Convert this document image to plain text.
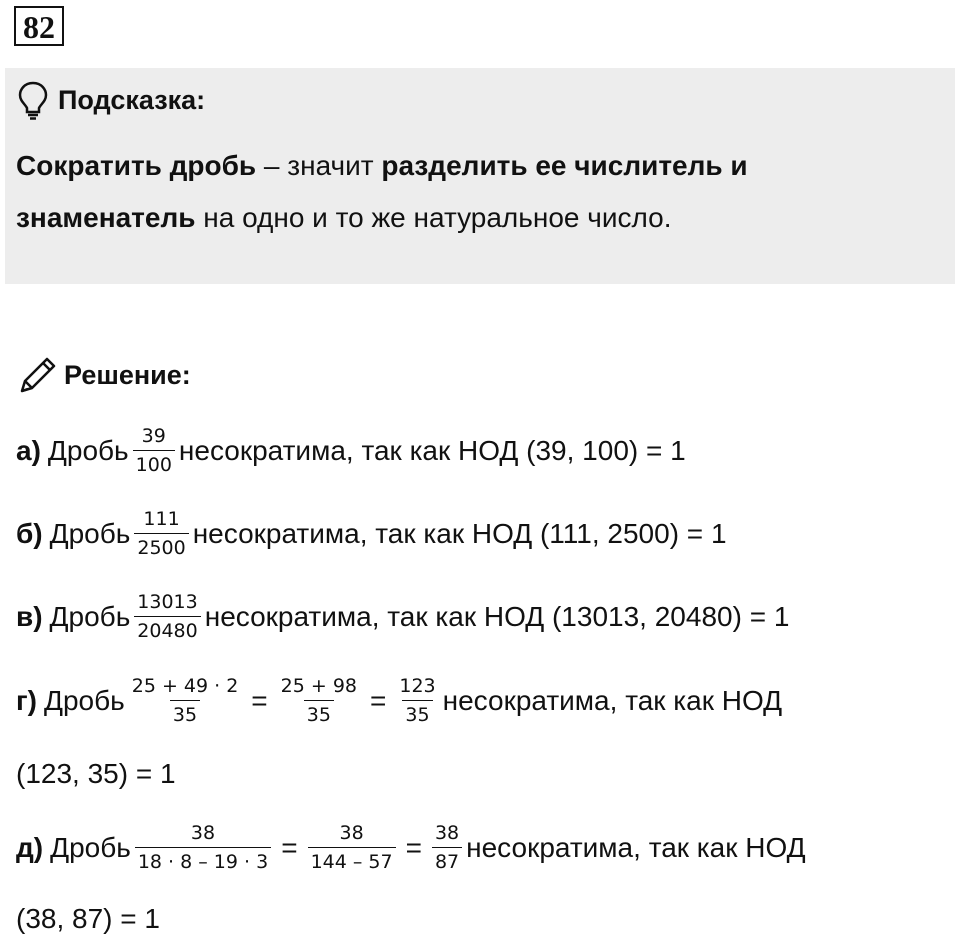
82
Подсказка:
Сократить дробь – значит разделить ее числитель и знаменатель на одно и то же натуральное число.
Решение:
а) Дробь $\frac{39}{100}$ несократима, так как НОД (39, 100) = 1
б) Дробь $\frac{111}{2500}$ несократима, так как НОД (111, 2500) = 1
в) Дробь $\frac{13013}{20480}$ несократима, так как НОД (13013, 20480) = 1
г) Дробь $\frac{25 + 49 \cdot 2}{35} = \frac{25 + 98}{35} = \frac{123}{35}$ несократима, так как НОД
(123, 35) = 1
д) Дробь $\frac{38}{18 \cdot 8 - 19 \cdot 3} = \frac{38}{144 - 57} = \frac{38}{87}$ несократима, так как НОД
(38, 87) = 1
